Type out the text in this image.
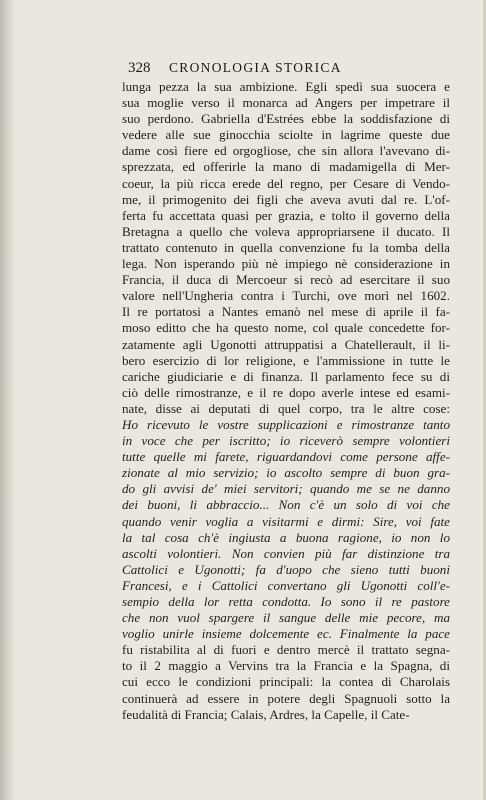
328 CRONOLOGIA STORICA
lunga pezza la sua ambizione. Egli spedì sua suocera e
sua moglie verso il monarca ad Angers per impetrare il
suo perdono. Gabriella d'Estrées ebbe la soddisfazione di
vedere alle sue ginocchia sciolte in lagrime queste due
dame così fiere ed orgogliose, che sin allora l'avevano di-
sprezzata, ed offerirle la mano di madamigella di Mer-
coeur, la più ricca erede del regno, per Cesare di Vendo-
me, il primogenito dei figli che aveva avuti dal re. L'of-
ferta fu accettata quasi per grazia, e tolto il governo della
Bretagna a quello che voleva appropriarsene il ducato. Il
trattato contenuto in quella convenzione fu la tomba della
lega. Non isperando più nè impiego nè considerazione in
Francia, il duca di Mercoeur si recò ad esercitare il suo
valore nell'Ungheria contra i Turchi, ove morì nel 1602.
Il re portatosi a Nantes emanò nel mese di aprile il fa-
moso editto che ha questo nome, col quale concedette for-
zatamente agli Ugonotti attruppatisi a Chatellerault, il li-
bero esercizio di lor religione, e l'ammissione in tutte le
cariche giudiciarie e di finanza. Il parlamento fece su di
ciò delle rimostranze, e il re dopo averle intese ed esami-
nate, disse ai deputati di quel corpo, tra le altre cose:
Ho ricevuto le vostre supplicazioni e rimostranze tanto
in voce che per iscritto; io riceverò sempre volontieri
tutte quelle mi farete, riguardandovi come persone affe-
zionate al mio servizio; io ascolto sempre di buon gra-
do gli avvisi de' miei servitori; quando me se ne danno
dei buoni, li abbraccio... Non c'è un solo di voi che
quando venir voglia a visitarmi e dirmi: Sire, voi fate
la tal cosa ch'è ingiusta a buona ragione, io non lo
ascolti volontieri. Non convien più far distinzione tra
Cattolici e Ugonotti; fa d'uopo che sieno tutti buoni
Francesi, e i Cattolici convertano gli Ugonotti coll'e-
sempio della lor retta condotta. Io sono il re pastore
che non vuol spargere il sangue delle mie pecore, ma
voglio unirle insieme dolcemente ec. Finalmente la pace
fu ristabilita al di fuori e dentro mercè il trattato segna-
to il 2 maggio a Vervins tra la Francia e la Spagna, di
cui ecco le condizioni principali: la contea di Charolais
continuerà ad essere in potere degli Spagnuoli sotto la
feudalità di Francia; Calais, Ardres, la Capelle, il Cate-
